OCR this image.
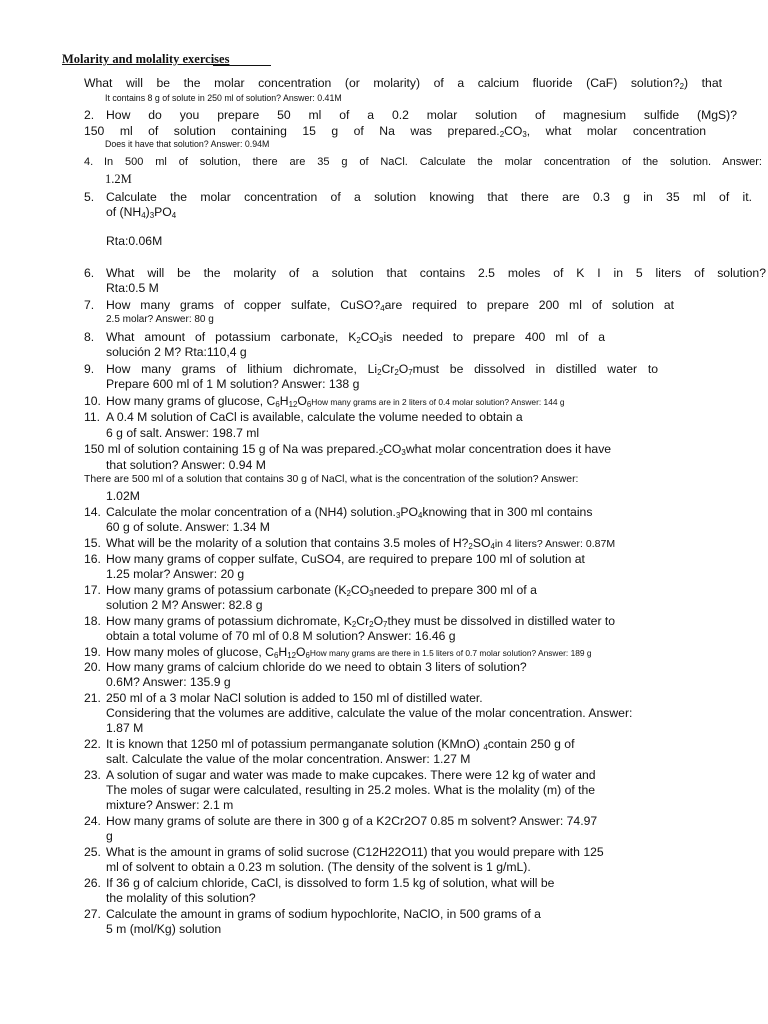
Molarity and molality exercises
What will be the molar concentration (or molarity) of a calcium fluoride (CaF) $solution?_2$) that
It contains 8 g of solute in 250 ml of solution? Answer: 0.41M
2. How do you prepare 50 ml of a 0.2 molar solution of magnesium sulfide (MgS)?
150 ml of solution containing 15 g of Na was $prepared._2CO_3$, what molar concentration
Does it have that solution? Answer: 0.94M
4. In 500 ml of solution, there are 35 g of NaCl. Calculate the molar concentration of the solution. Answer:
1.2M
5. Calculate the molar concentration of a solution knowing that there are 0.3 g in 35 ml of it.
of $(NH_4)_3PO_4$
Rta:0.06M
6. What will be the molarity of a solution that contains 2.5 moles of K I in 5 liters of solution?
Rta:0.5 M
7. How many grams of copper sulfate, $CuSO?_4are$ required to prepare 200 ml of solution at
2.5 molar? Answer: 80 g
8. What amount of potassium carbonate, $K_2CO_3is$ needed to prepare 400 ml of a
solución 2 M? Rta:110,4 g
9. How many grams of lithium dichromate, $Li_2Cr_2O_7must$ be dissolved in distilled water to
Prepare 600 ml of 1 M solution? Answer: 138 g
10. How many grams of glucose, $C_6H_{12}O_6How$ many grams are in 2 liters of 0.4 molar solution? Answer: 144 g
11. A 0.4 M solution of CaCl is available, calculate the volume needed to obtain a
6 g of salt. Answer: 198.7 ml
150 ml of solution containing 15 g of Na was $prepared._2CO_3what$ molar concentration does it have
that solution? Answer: 0.94 M
There are 500 ml of a solution that contains 30 g of NaCl, what is the concentration of the solution? Answer:
1.02M
14. Calculate the molar concentration of a (NH4) $solution._3PO_4knowing$ that in 300 ml contains
60 g of solute. Answer: 1.34 M
15. What will be the molarity of a solution that contains 3.5 moles of $H?_2SO_4in$ 4 liters? Answer: 0.87M
16. How many grams of copper sulfate, CuSO4, are required to prepare 100 ml of solution at
1.25 molar? Answer: 20 g
17. How many grams of potassium carbonate ($K_2CO_3needed$ to prepare 300 ml of a
solution 2 M? Answer: 82.8 g
18. How many grams of potassium dichromate, $K_2Cr_2O_7they$ must be dissolved in distilled water to
obtain a total volume of 70 ml of 0.8 M solution? Answer: 16.46 g
19. How many moles of glucose, $C_6H_{12}O_6How$ many grams are there in 1.5 liters of 0.7 molar solution? Answer: 189 g
20. How many grams of calcium chloride do we need to obtain 3 liters of solution?
0.6M? Answer: 135.9 g
21. 250 ml of a 3 molar NaCl solution is added to 150 ml of distilled water.
Considering that the volumes are additive, calculate the value of the molar concentration. Answer:
1.87 M
22. It is known that 1250 ml of potassium permanganate solution (KMnO) $_4$contain 250 g of
salt. Calculate the value of the molar concentration. Answer: 1.27 M
23. A solution of sugar and water was made to make cupcakes. There were 12 kg of water and
The moles of sugar were calculated, resulting in 25.2 moles. What is the molality (m) of the
mixture? Answer: 2.1 m
24. How many grams of solute are there in 300 g of a K2Cr2O7 0.85 m solvent? Answer: 74.97
g
25. What is the amount in grams of solid sucrose (C12H22O11) that you would prepare with 125
ml of solvent to obtain a 0.23 m solution. (The density of the solvent is 1 g/mL).
26. If 36 g of calcium chloride, CaCl, is dissolved to form 1.5 kg of solution, what will be
the molality of this solution?
27. Calculate the amount in grams of sodium hypochlorite, NaClO, in 500 grams of a
5 m (mol/Kg) solution
